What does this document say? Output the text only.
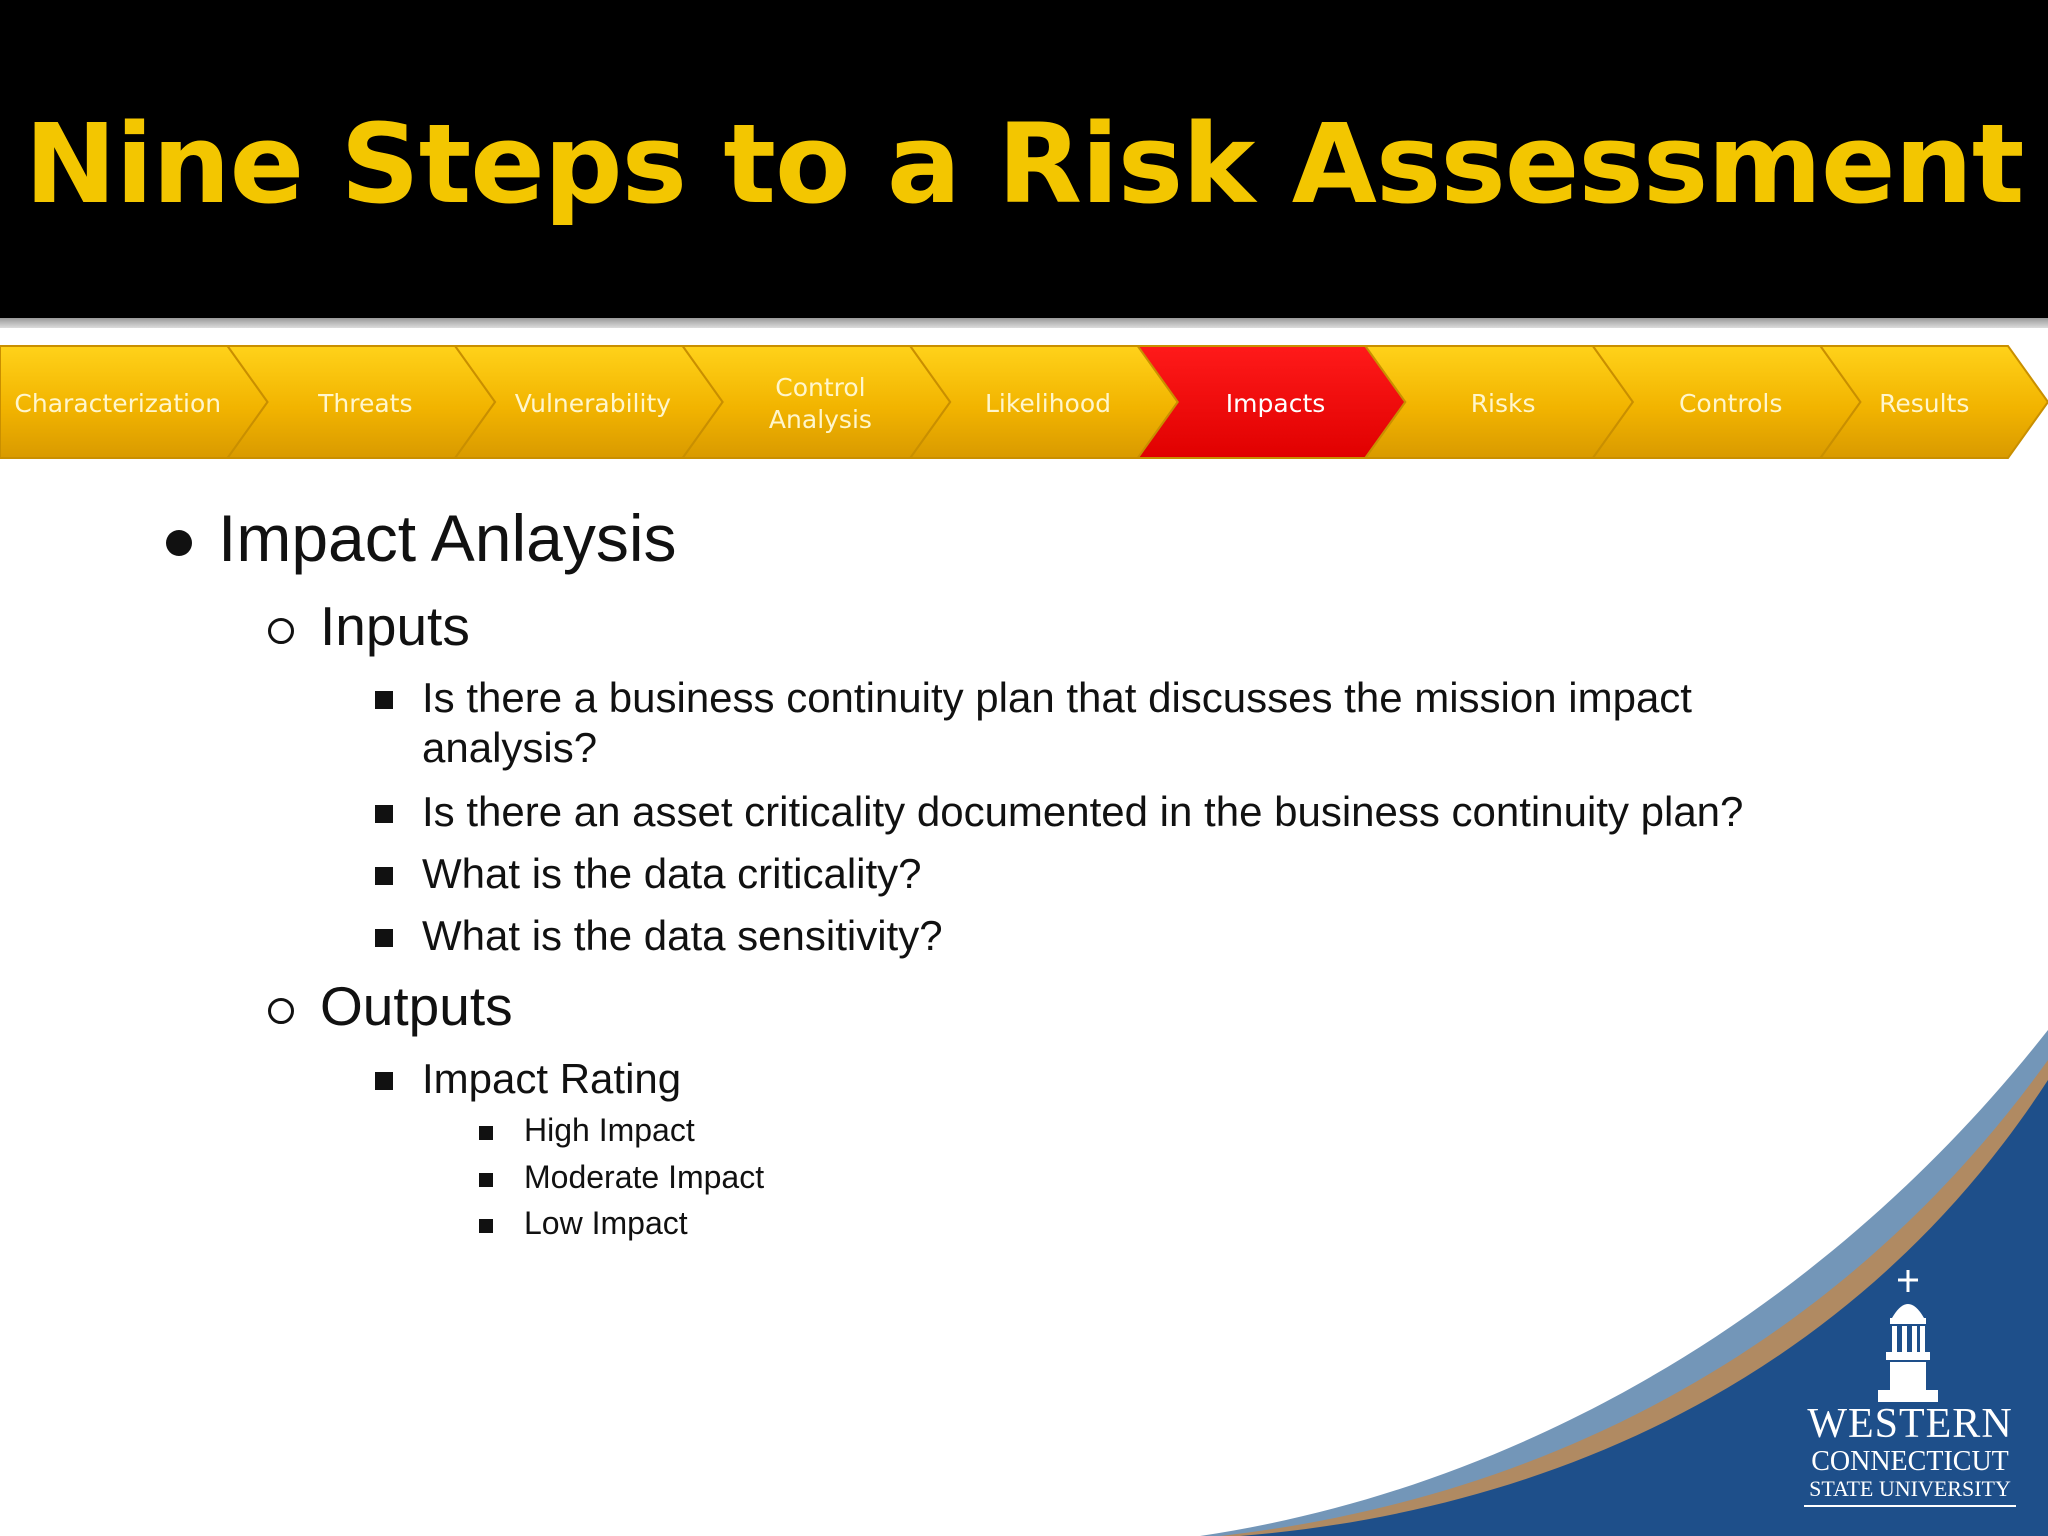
Nine Steps to a Risk Assessment
Characterization	Threats	Vulnerability
Control
Analysis
Likelihood	Impacts	Risks	Controls	Results
Impact Anlaysis
Inputs
Is there a business continuity plan that discusses the mission impact
analysis?
Is there an asset criticality documented in the business continuity plan?
What is the data criticality?
What is the data sensitivity?
Outputs
Impact Rating
High Impact
Moderate Impact
Low Impact
WESTERN
CONNECTICUT
STATE UNIVERSITY
